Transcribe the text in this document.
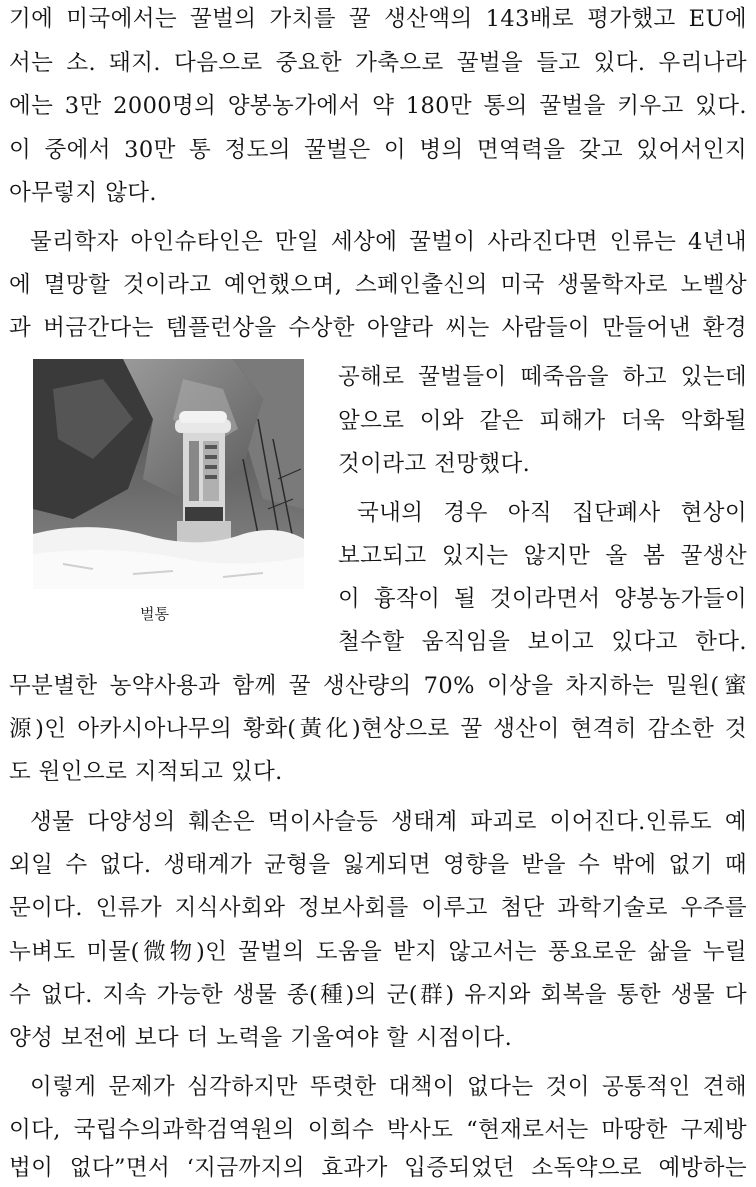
기에 미국에서는 꿀벌의 가치를 꿀 생산액의 143배로 평가했고 EU에
서는 소. 돼지. 다음으로 중요한 가축으로 꿀벌을 들고 있다. 우리나라
에는 3만 2000명의 양봉농가에서 약 180만 통의 꿀벌을 키우고 있다.
이 중에서 30만 통 정도의 꿀벌은 이 병의 면역력을 갖고 있어서인지
아무렇지 않다.
물리학자 아인슈타인은 만일 세상에 꿀벌이 사라진다면 인류는 4년내
에 멸망할 것이라고 예언했으며, 스페인출신의 미국 생물학자로 노벨상
과 버금간다는 템플런상을 수상한 아얄라 씨는 사람들이 만들어낸 환경
벌통
공해로 꿀벌들이 떼죽음을 하고 있는데
앞으로 이와 같은 피해가 더욱 악화될
것이라고 전망했다.
국내의 경우 아직 집단폐사 현상이
보고되고 있지는 않지만 올 봄 꿀생산
이 흉작이 될 것이라면서 양봉농가들이
철수할 움직임을 보이고 있다고 한다.
무분별한 농약사용과 함께 꿀 생산량의 70% 이상을 차지하는 밀원(蜜
源)인 아카시아나무의 황화(黃化)현상으로 꿀 생산이 현격히 감소한 것
도 원인으로 지적되고 있다.
생물 다양성의 훼손은 먹이사슬등 생태계 파괴로 이어진다.인류도 예
외일 수 없다. 생태계가 균형을 잃게되면 영향을 받을 수 밖에 없기 때
문이다. 인류가 지식사회와 정보사회를 이루고 첨단 과학기술로 우주를
누벼도 미물(微物)인 꿀벌의 도움을 받지 않고서는 풍요로운 삶을 누릴
수 없다. 지속 가능한 생물 종(種)의 군(群) 유지와 회복을 통한 생물 다
양성 보전에 보다 더 노력을 기울여야 할 시점이다.
이렇게 문제가 심각하지만 뚜렷한 대책이 없다는 것이 공통적인 견해
이다, 국립수의과학검역원의 이희수 박사도 “현재로서는 마땅한 구제방
법이 없다”면서 ‘지금까지의 효과가 입증되었던 소독약으로 예방하는
